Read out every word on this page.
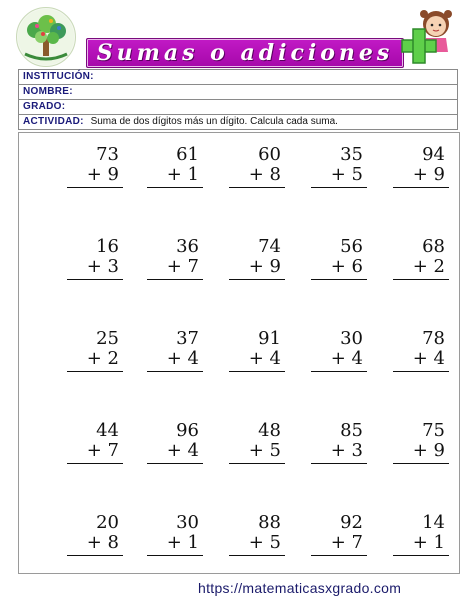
Sumas o adiciones
INSTITUCIÓN:
NOMBRE:
GRADO:
ACTIVIDAD: Suma de dos dígitos más un dígito. Calcula cada suma.
73
+ 9
61
+ 1
60
+ 8
35
+ 5
94
+ 9
16
+ 3
36
+ 7
74
+ 9
56
+ 6
68
+ 2
25
+ 2
37
+ 4
91
+ 4
30
+ 4
78
+ 4
44
+ 7
96
+ 4
48
+ 5
85
+ 3
75
+ 9
20
+ 8
30
+ 1
88
+ 5
92
+ 7
14
+ 1
https://matematicasxgrado.com
